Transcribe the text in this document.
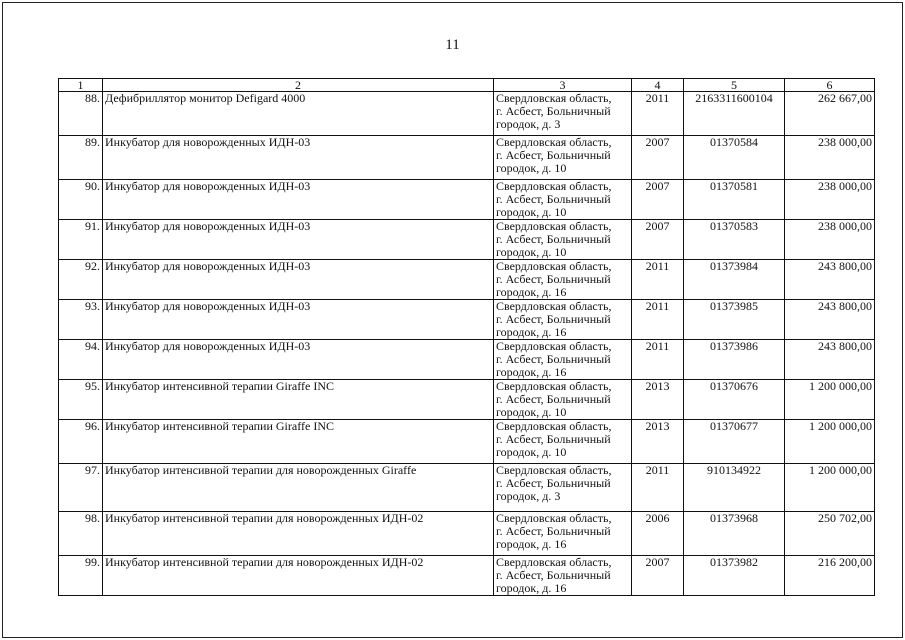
11
1	2	3	4	5	6
88.	Дефибриллятор монитор Defigard 4000	Свердловская область,
г. Асбест, Больничный
городок, д. 3	2011	2163311600104	262 667,00
89.	Инкубатор для новорожденных ИДН-03	Свердловская область,
г. Асбест, Больничный
городок, д. 10	2007	01370584	238 000,00
90.	Инкубатор для новорожденных ИДН-03	Свердловская область,
г. Асбест, Больничный
городок, д. 10	2007	01370581	238 000,00
91.	Инкубатор для новорожденных ИДН-03	Свердловская область,
г. Асбест, Больничный
городок, д. 10	2007	01370583	238 000,00
92.	Инкубатор для новорожденных ИДН-03	Свердловская область,
г. Асбест, Больничный
городок, д. 16	2011	01373984	243 800,00
93.	Инкубатор для новорожденных ИДН-03	Свердловская область,
г. Асбест, Больничный
городок, д. 16	2011	01373985	243 800,00
94.	Инкубатор для новорожденных ИДН-03	Свердловская область,
г. Асбест, Больничный
городок, д. 16	2011	01373986	243 800,00
95.	Инкубатор интенсивной терапии Giraffe INC	Свердловская область,
г. Асбест, Больничный
городок, д. 10	2013	01370676	1 200 000,00
96.	Инкубатор интенсивной терапии Giraffe INC	Свердловская область,
г. Асбест, Больничный
городок, д. 10	2013	01370677	1 200 000,00
97.	Инкубатор интенсивной терапии для новорожденных Giraffe	Свердловская область,
г. Асбест, Больничный
городок, д. 3	2011	910134922	1 200 000,00
98.	Инкубатор интенсивной терапии для новорожденных ИДН-02	Свердловская область,
г. Асбест, Больничный
городок, д. 16	2006	01373968	250 702,00
99.	Инкубатор интенсивной терапии для новорожденных ИДН-02	Свердловская область,
г. Асбест, Больничный
городок, д. 16	2007	01373982	216 200,00
